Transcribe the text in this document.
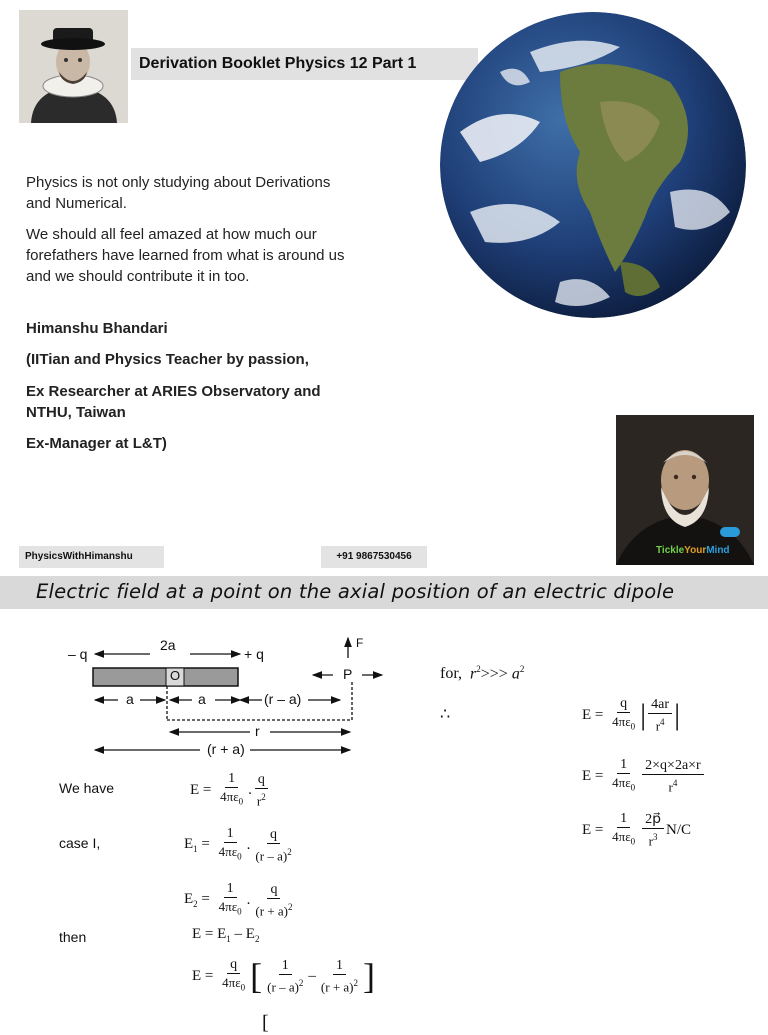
Derivation Booklet Physics 12 Part 1
Physics is not only studying about Derivations and Numerical.
We should all feel amazed at how much our forefathers have learned from what is around us and we should contribute it in too.
Himanshu Bhandari
(IITian and Physics Teacher by passion,
Ex Researcher at ARIES Observatory and NTHU, Taiwan
Ex-Manager at L&T)
TickleYourMind
PhysicsWithHimanshu	+91 9867530456
Electric field at a point on the axial position of an electric dipole
– q
2a
+ q
O
a	a	(r – a)
r
(r + a)
P
F
We have	$E = \frac{1}{4\pi\varepsilon_0}$ . $\frac{q}{r^2}$
case I,	$E_1 = \frac{1}{4\pi\varepsilon_0}$ . $\frac{q}{(r - a)^2}$
$E_2 = \frac{1}{4\pi\varepsilon_0}$ . $\frac{q}{(r + a)^2}$
then	$E = E_1 - E_2$
$E = \frac{q}{4\pi\varepsilon_0}$ [ $\frac{1}{(r - a)^2} - \frac{1}{(r + a)^2}$ ]
[
for,
$r^2>>> a^2$
∴	$E = \frac{q}{4\pi\varepsilon_0}$ | $\frac{4ar}{r^4}$ |
$E = \frac{1}{4\pi\varepsilon_0} \frac{2\times q\times 2a\times r}{r^4}$
$E = \frac{1}{4\pi\varepsilon_0} \frac{2p⃗}{r^3} N/C$
